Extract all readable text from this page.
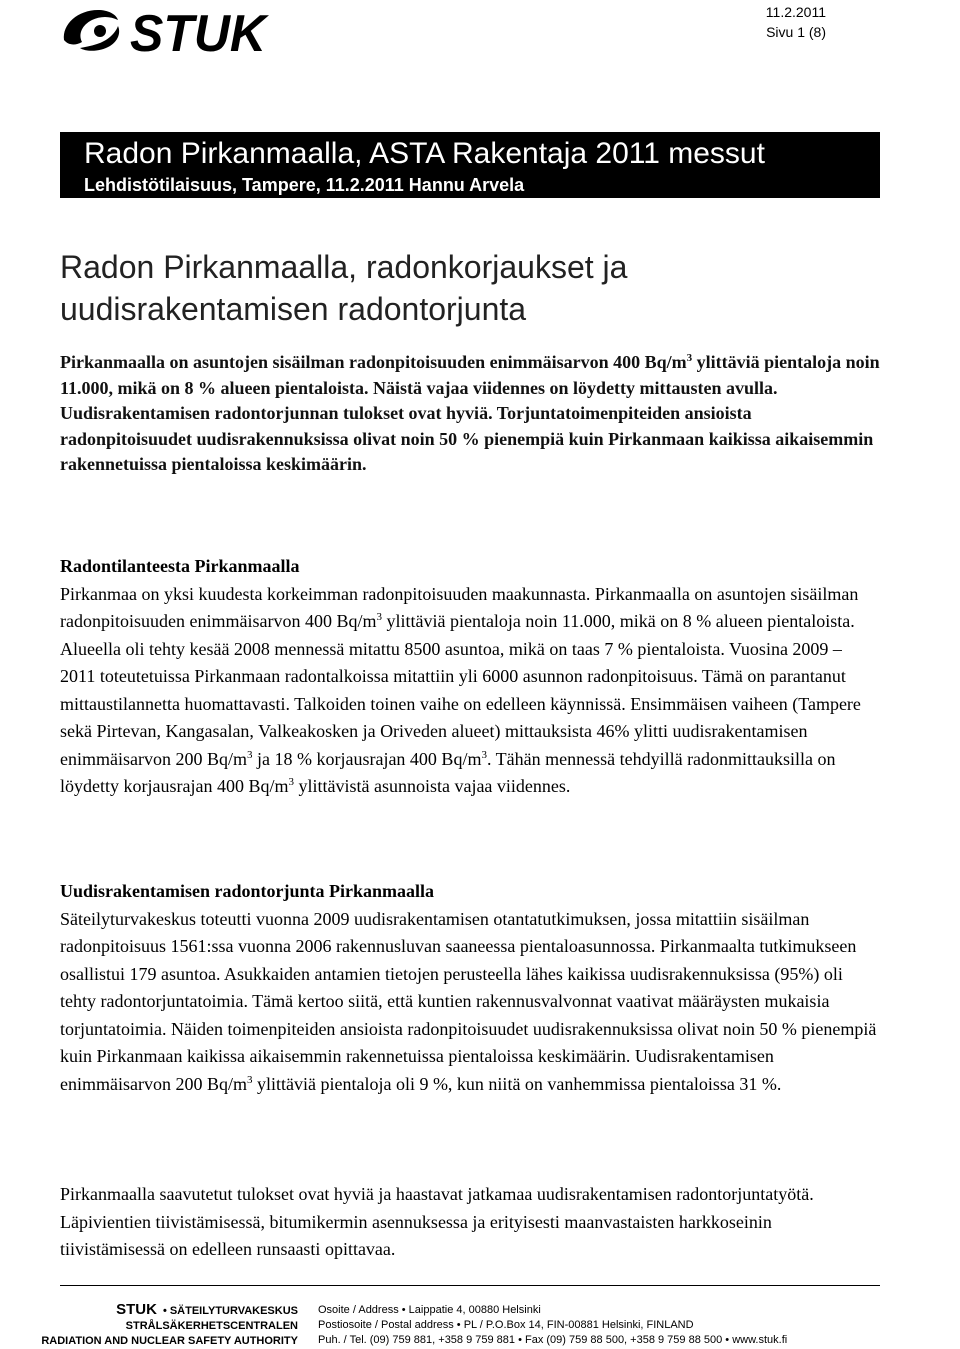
STUK	11.2.2011
Sivu 1 (8)
Radon Pirkanmaalla, ASTA Rakentaja 2011 messut
Lehdistötilaisuus, Tampere, 11.2.2011 Hannu Arvela
Radon Pirkanmaalla, radonkorjaukset ja
uudisrakentamisen radontorjunta
Pirkanmaalla on asuntojen sisäilman radonpitoisuuden enimmäisarvon 400 $Bq/m^3$ ylittäviä pientaloja noin 11.000, mikä on 8 % alueen pientaloista. Näistä vajaa viidennes on löydetty mittausten avulla. Uudisrakentamisen radontorjunnan tulokset ovat hyviä. Torjuntatoimenpiteiden ansioista radonpitoisuudet uudisrakennuksissa olivat noin 50 % pienempiä kuin Pirkanmaan kaikissa aikaisemmin rakennetuissa pientaloissa keskimäärin.
Radontilanteesta Pirkanmaalla
Pirkanmaa on yksi kuudesta korkeimman radonpitoisuuden maakunnasta. Pirkanmaalla on asuntojen sisäilman radonpitoisuuden enimmäisarvon 400 $Bq/m^3$ ylittäviä pientaloja noin 11.000, mikä on 8 % alueen pientaloista. Alueella oli tehty kesää 2008 mennessä mitattu 8500 asuntoa, mikä on taas 7 % pientaloista. Vuosina 2009 – 2011 toteutetuissa Pirkanmaan radontalkoissa mitattiin yli 6000 asunnon radonpitoisuus. Tämä on parantanut mittaustilannetta huomattavasti. Talkoiden toinen vaihe on edelleen käynnissä. Ensimmäisen vaiheen (Tampere sekä Pirtevan, Kangasalan, Valkeakosken ja Oriveden alueet) mittauksista 46% ylitti uudisrakentamisen enimmäisarvon 200 $Bq/m^3$ ja 18 % korjausrajan 400 $Bq/m^3$. Tähän mennessä tehdyillä radonmittauksilla on löydetty korjausrajan 400 $Bq/m^3$ ylittävistä asunnoista vajaa viidennes.
Uudisrakentamisen radontorjunta Pirkanmaalla
Säteilyturvakeskus toteutti vuonna 2009 uudisrakentamisen otantatutkimuksen, jossa mitattiin sisäilman radonpitoisuus 1561:ssa vuonna 2006 rakennusluvan saaneessa pientaloasunnossa. Pirkanmaalta tutkimukseen osallistui 179 asuntoa. Asukkaiden antamien tietojen perusteella lähes kaikissa uudisrakennuksissa (95%) oli tehty radontorjuntatoimia. Tämä kertoo siitä, että kuntien rakennusvalvonnat vaativat määräysten mukaisia torjuntatoimia. Näiden toimenpiteiden ansioista radonpitoisuudet uudisrakennuksissa olivat noin 50 % pienempiä kuin Pirkanmaan kaikissa aikaisemmin rakennetuissa pientaloissa keskimäärin. Uudisrakentamisen enimmäisarvon 200 $Bq/m^3$ ylittäviä pientaloja oli 9 %, kun niitä on vanhemmissa pientaloissa 31 %.
Pirkanmaalla saavutetut tulokset ovat hyviä ja haastavat jatkamaa uudisrakentamisen radontorjuntatyötä. Läpivientien tiivistämisessä, bitumikermin asennuksessa ja erityisesti maanvastaisten harkkoseinin tiivistämisessä on edelleen runsaasti opittavaa.
STUK • SÄTEILYTURVAKESKUS
STRÅLSÄKERHETSCENTRALEN
RADIATION AND NUCLEAR SAFETY AUTHORITY
Osoite / Address • Laippatie 4, 00880 Helsinki
Postiosoite / Postal address • PL / P.O.Box 14, FIN-00881 Helsinki, FINLAND
Puh. / Tel. (09) 759 881, +358 9 759 881 • Fax (09) 759 88 500, +358 9 759 88 500 • www.stuk.fi
